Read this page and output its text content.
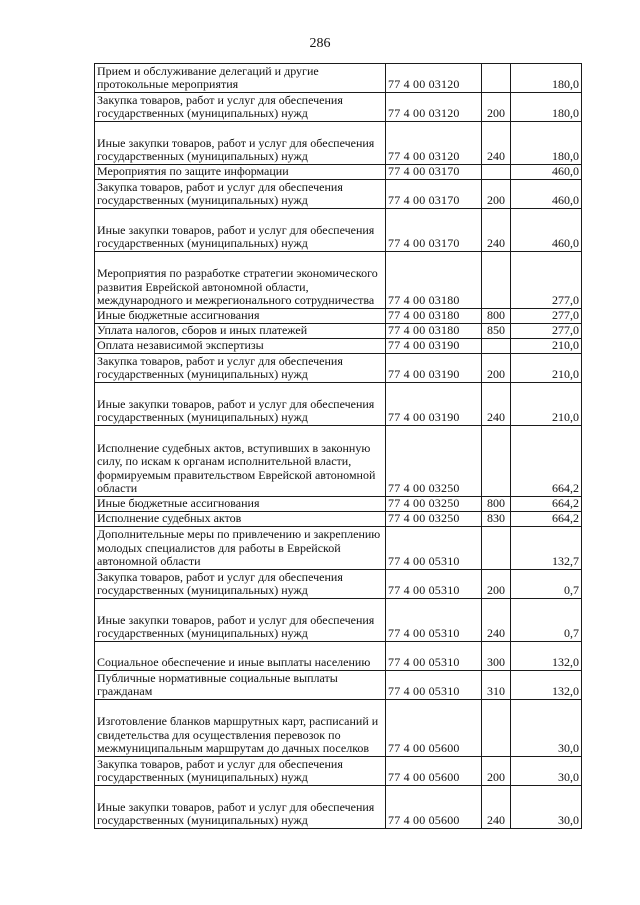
286
Прием и обслуживание делегаций и другие протокольные мероприятия	77 4 00 03120		180,0
Закупка товаров, работ и услуг для обеспечения государственных (муниципальных) нужд	77 4 00 03120	200	180,0
Иные закупки товаров, работ и услуг для обеспечения государственных (муниципальных) нужд	77 4 00 03120	240	180,0
Мероприятия по защите информации	77 4 00 03170		460,0
Закупка товаров, работ и услуг для обеспечения государственных (муниципальных) нужд	77 4 00 03170	200	460,0
Иные закупки товаров, работ и услуг для обеспечения государственных (муниципальных) нужд	77 4 00 03170	240	460,0
Мероприятия по разработке стратегии экономического развития Еврейской автономной области, международного и межрегионального сотрудничества	77 4 00 03180		277,0
Иные бюджетные ассигнования	77 4 00 03180	800	277,0
Уплата налогов, сборов и иных платежей	77 4 00 03180	850	277,0
Оплата независимой экспертизы	77 4 00 03190		210,0
Закупка товаров, работ и услуг для обеспечения государственных (муниципальных) нужд	77 4 00 03190	200	210,0
Иные закупки товаров, работ и услуг для обеспечения государственных (муниципальных) нужд	77 4 00 03190	240	210,0
Исполнение судебных актов, вступивших в законную силу, по искам к органам исполнительной власти, формируемым правительством Еврейской автономной области	77 4 00 03250		664,2
Иные бюджетные ассигнования	77 4 00 03250	800	664,2
Исполнение судебных актов	77 4 00 03250	830	664,2
Дополнительные меры по привлечению и закреплению молодых специалистов для работы в Еврейской автономной области	77 4 00 05310		132,7
Закупка товаров, работ и услуг для обеспечения государственных (муниципальных) нужд	77 4 00 05310	200	0,7
Иные закупки товаров, работ и услуг для обеспечения государственных (муниципальных) нужд	77 4 00 05310	240	0,7
Социальное обеспечение и иные выплаты населению	77 4 00 05310	300	132,0
Публичные нормативные социальные выплаты гражданам	77 4 00 05310	310	132,0
Изготовление бланков маршрутных карт, расписаний и свидетельства для осуществления перевозок по межмуниципальным маршрутам до дачных поселков	77 4 00 05600		30,0
Закупка товаров, работ и услуг для обеспечения государственных (муниципальных) нужд	77 4 00 05600	200	30,0
Иные закупки товаров, работ и услуг для обеспечения государственных (муниципальных) нужд	77 4 00 05600	240	30,0
